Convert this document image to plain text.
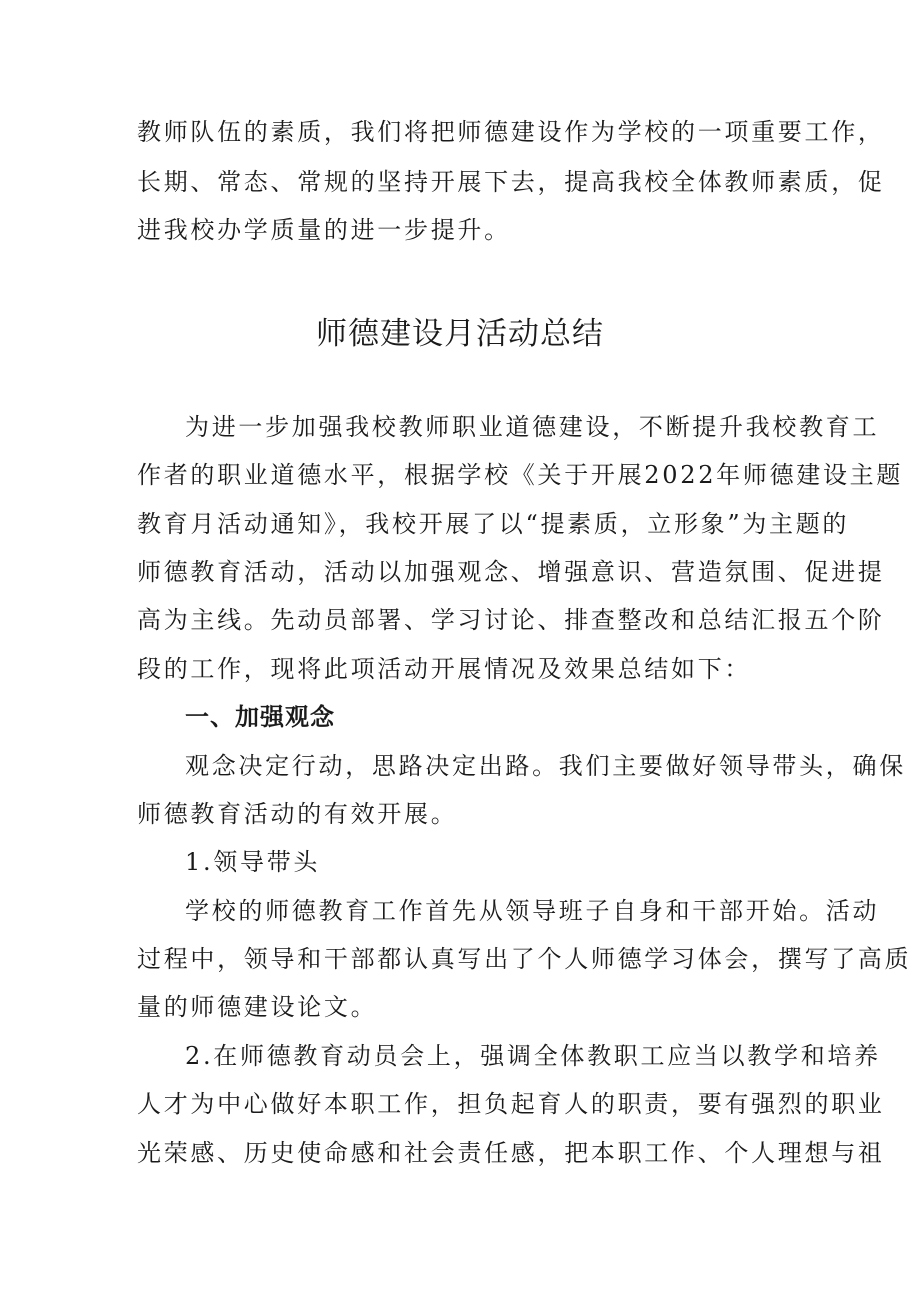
教师队伍的素质，我们将把师德建设作为学校的一项重要工作，
长期、常态、常规的坚持开展下去，提高我校全体教师素质，促
进我校办学质量的进一步提升。
师德建设月活动总结
为进一步加强我校教师职业道德建设，不断提升我校教育工
作者的职业道德水平，根据学校《关于开展2022年师德建设主题
教育月活动通知》，我校开展了以“提素质，立形象”为主题的
师德教育活动，活动以加强观念、增强意识、营造氛围、促进提
高为主线。先动员部署、学习讨论、排查整改和总结汇报五个阶
段的工作，现将此项活动开展情况及效果总结如下：
一、加强观念
观念决定行动，思路决定出路。我们主要做好领导带头，确保
师德教育活动的有效开展。
1.领导带头
学校的师德教育工作首先从领导班子自身和干部开始。活动
过程中，领导和干部都认真写出了个人师德学习体会，撰写了高质
量的师德建设论文。
2.在师德教育动员会上，强调全体教职工应当以教学和培养
人才为中心做好本职工作，担负起育人的职责，要有强烈的职业
光荣感、历史使命感和社会责任感，把本职工作、个人理想与祖
